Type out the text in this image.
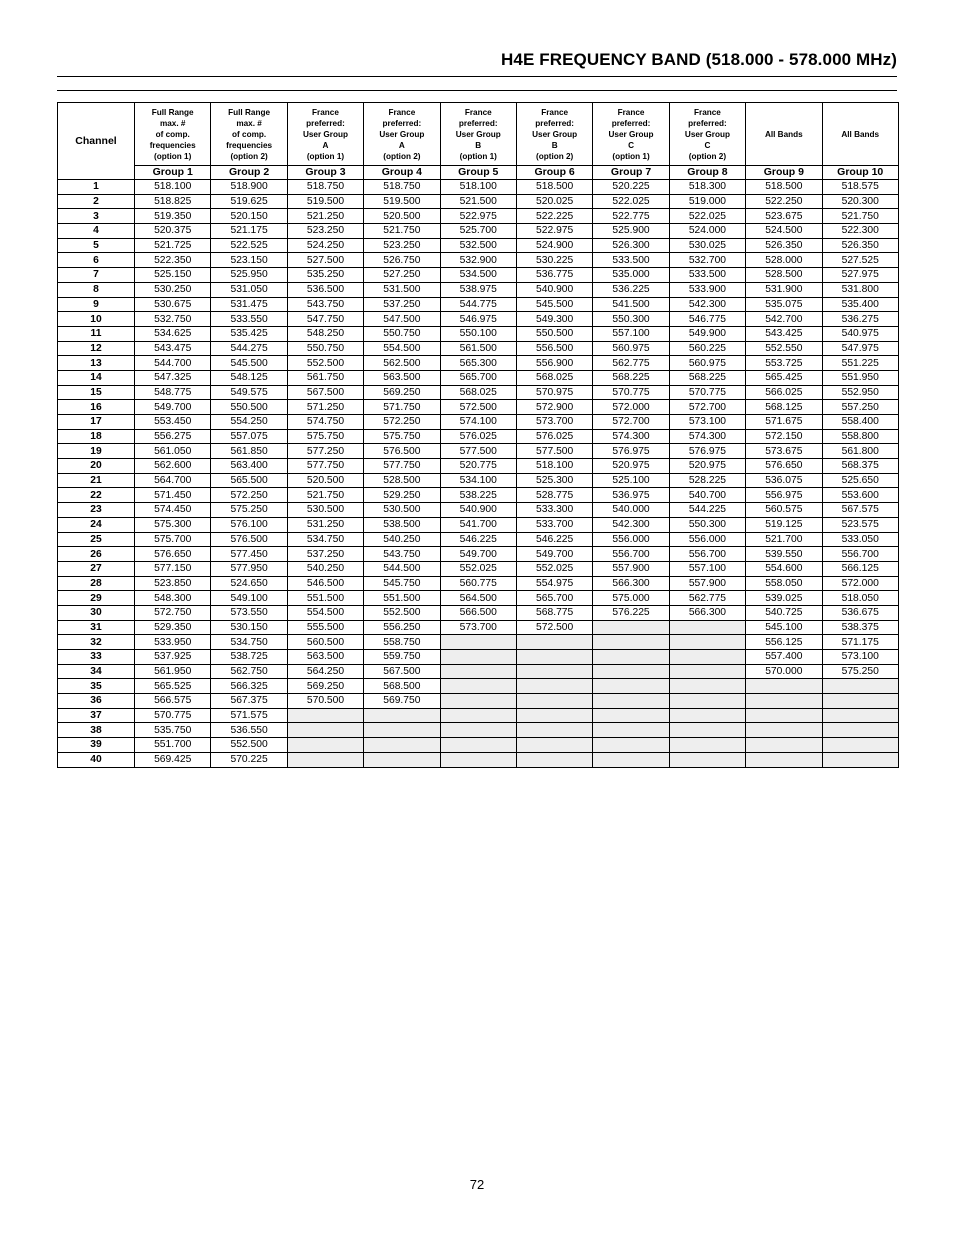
H4E FREQUENCY BAND (518.000 - 578.000 MHz)
Channel	Full Range
max. #
of comp.
frequencies
(option 1)	Full Range
max. #
of comp.
frequencies
(option 2)	France
preferred:
User Group
A
(option 1)	France
preferred:
User Group
A
(option 2)	France
preferred:
User Group
B
(option 1)	France
preferred:
User Group
B
(option 2)	France
preferred:
User Group
C
(option 1)	France
preferred:
User Group
C
(option 2)	All Bands	All Bands

	Group 1	Group 2	Group 3	Group 4	Group 5	Group 6	Group 7	Group 8	Group 9	Group 10
1	518.100	518.900	518.750	518.750	518.100	518.500	520.225	518.300	518.500	518.575
2	518.825	519.625	519.500	519.500	521.500	520.025	522.025	519.000	522.250	520.300
3	519.350	520.150	521.250	520.500	522.975	522.225	522.775	522.025	523.675	521.750
4	520.375	521.175	523.250	521.750	525.700	522.975	525.900	524.000	524.500	522.300
5	521.725	522.525	524.250	523.250	532.500	524.900	526.300	530.025	526.350	526.350
6	522.350	523.150	527.500	526.750	532.900	530.225	533.500	532.700	528.000	527.525
7	525.150	525.950	535.250	527.250	534.500	536.775	535.000	533.500	528.500	527.975
8	530.250	531.050	536.500	531.500	538.975	540.900	536.225	533.900	531.900	531.800
9	530.675	531.475	543.750	537.250	544.775	545.500	541.500	542.300	535.075	535.400
10	532.750	533.550	547.750	547.500	546.975	549.300	550.300	546.775	542.700	536.275
11	534.625	535.425	548.250	550.750	550.100	550.500	557.100	549.900	543.425	540.975
12	543.475	544.275	550.750	554.500	561.500	556.500	560.975	560.225	552.550	547.975
13	544.700	545.500	552.500	562.500	565.300	556.900	562.775	560.975	553.725	551.225
14	547.325	548.125	561.750	563.500	565.700	568.025	568.225	568.225	565.425	551.950
15	548.775	549.575	567.500	569.250	568.025	570.975	570.775	570.775	566.025	552.950
16	549.700	550.500	571.250	571.750	572.500	572.900	572.000	572.700	568.125	557.250
17	553.450	554.250	574.750	572.250	574.100	573.700	572.700	573.100	571.675	558.400
18	556.275	557.075	575.750	575.750	576.025	576.025	574.300	574.300	572.150	558.800
19	561.050	561.850	577.250	576.500	577.500	577.500	576.975	576.975	573.675	561.800
20	562.600	563.400	577.750	577.750	520.775	518.100	520.975	520.975	576.650	568.375
21	564.700	565.500	520.500	528.500	534.100	525.300	525.100	528.225	536.075	525.650
22	571.450	572.250	521.750	529.250	538.225	528.775	536.975	540.700	556.975	553.600
23	574.450	575.250	530.500	530.500	540.900	533.300	540.000	544.225	560.575	567.575
24	575.300	576.100	531.250	538.500	541.700	533.700	542.300	550.300	519.125	523.575
25	575.700	576.500	534.750	540.250	546.225	546.225	556.000	556.000	521.700	533.050
26	576.650	577.450	537.250	543.750	549.700	549.700	556.700	556.700	539.550	556.700
27	577.150	577.950	540.250	544.500	552.025	552.025	557.900	557.100	554.600	566.125
28	523.850	524.650	546.500	545.750	560.775	554.975	566.300	557.900	558.050	572.000
29	548.300	549.100	551.500	551.500	564.500	565.700	575.000	562.775	539.025	518.050
30	572.750	573.550	554.500	552.500	566.500	568.775	576.225	566.300	540.725	536.675
31	529.350	530.150	555.500	556.250	573.700	572.500			545.100	538.375
32	533.950	534.750	560.500	558.750					556.125	571.175
33	537.925	538.725	563.500	559.750					557.400	573.100
34	561.950	562.750	564.250	567.500					570.000	575.250
35	565.525	566.325	569.250	568.500						
36	566.575	567.375	570.500	569.750						
37	570.775	571.575								
38	535.750	536.550								
39	551.700	552.500								
40	569.425	570.225								
72
